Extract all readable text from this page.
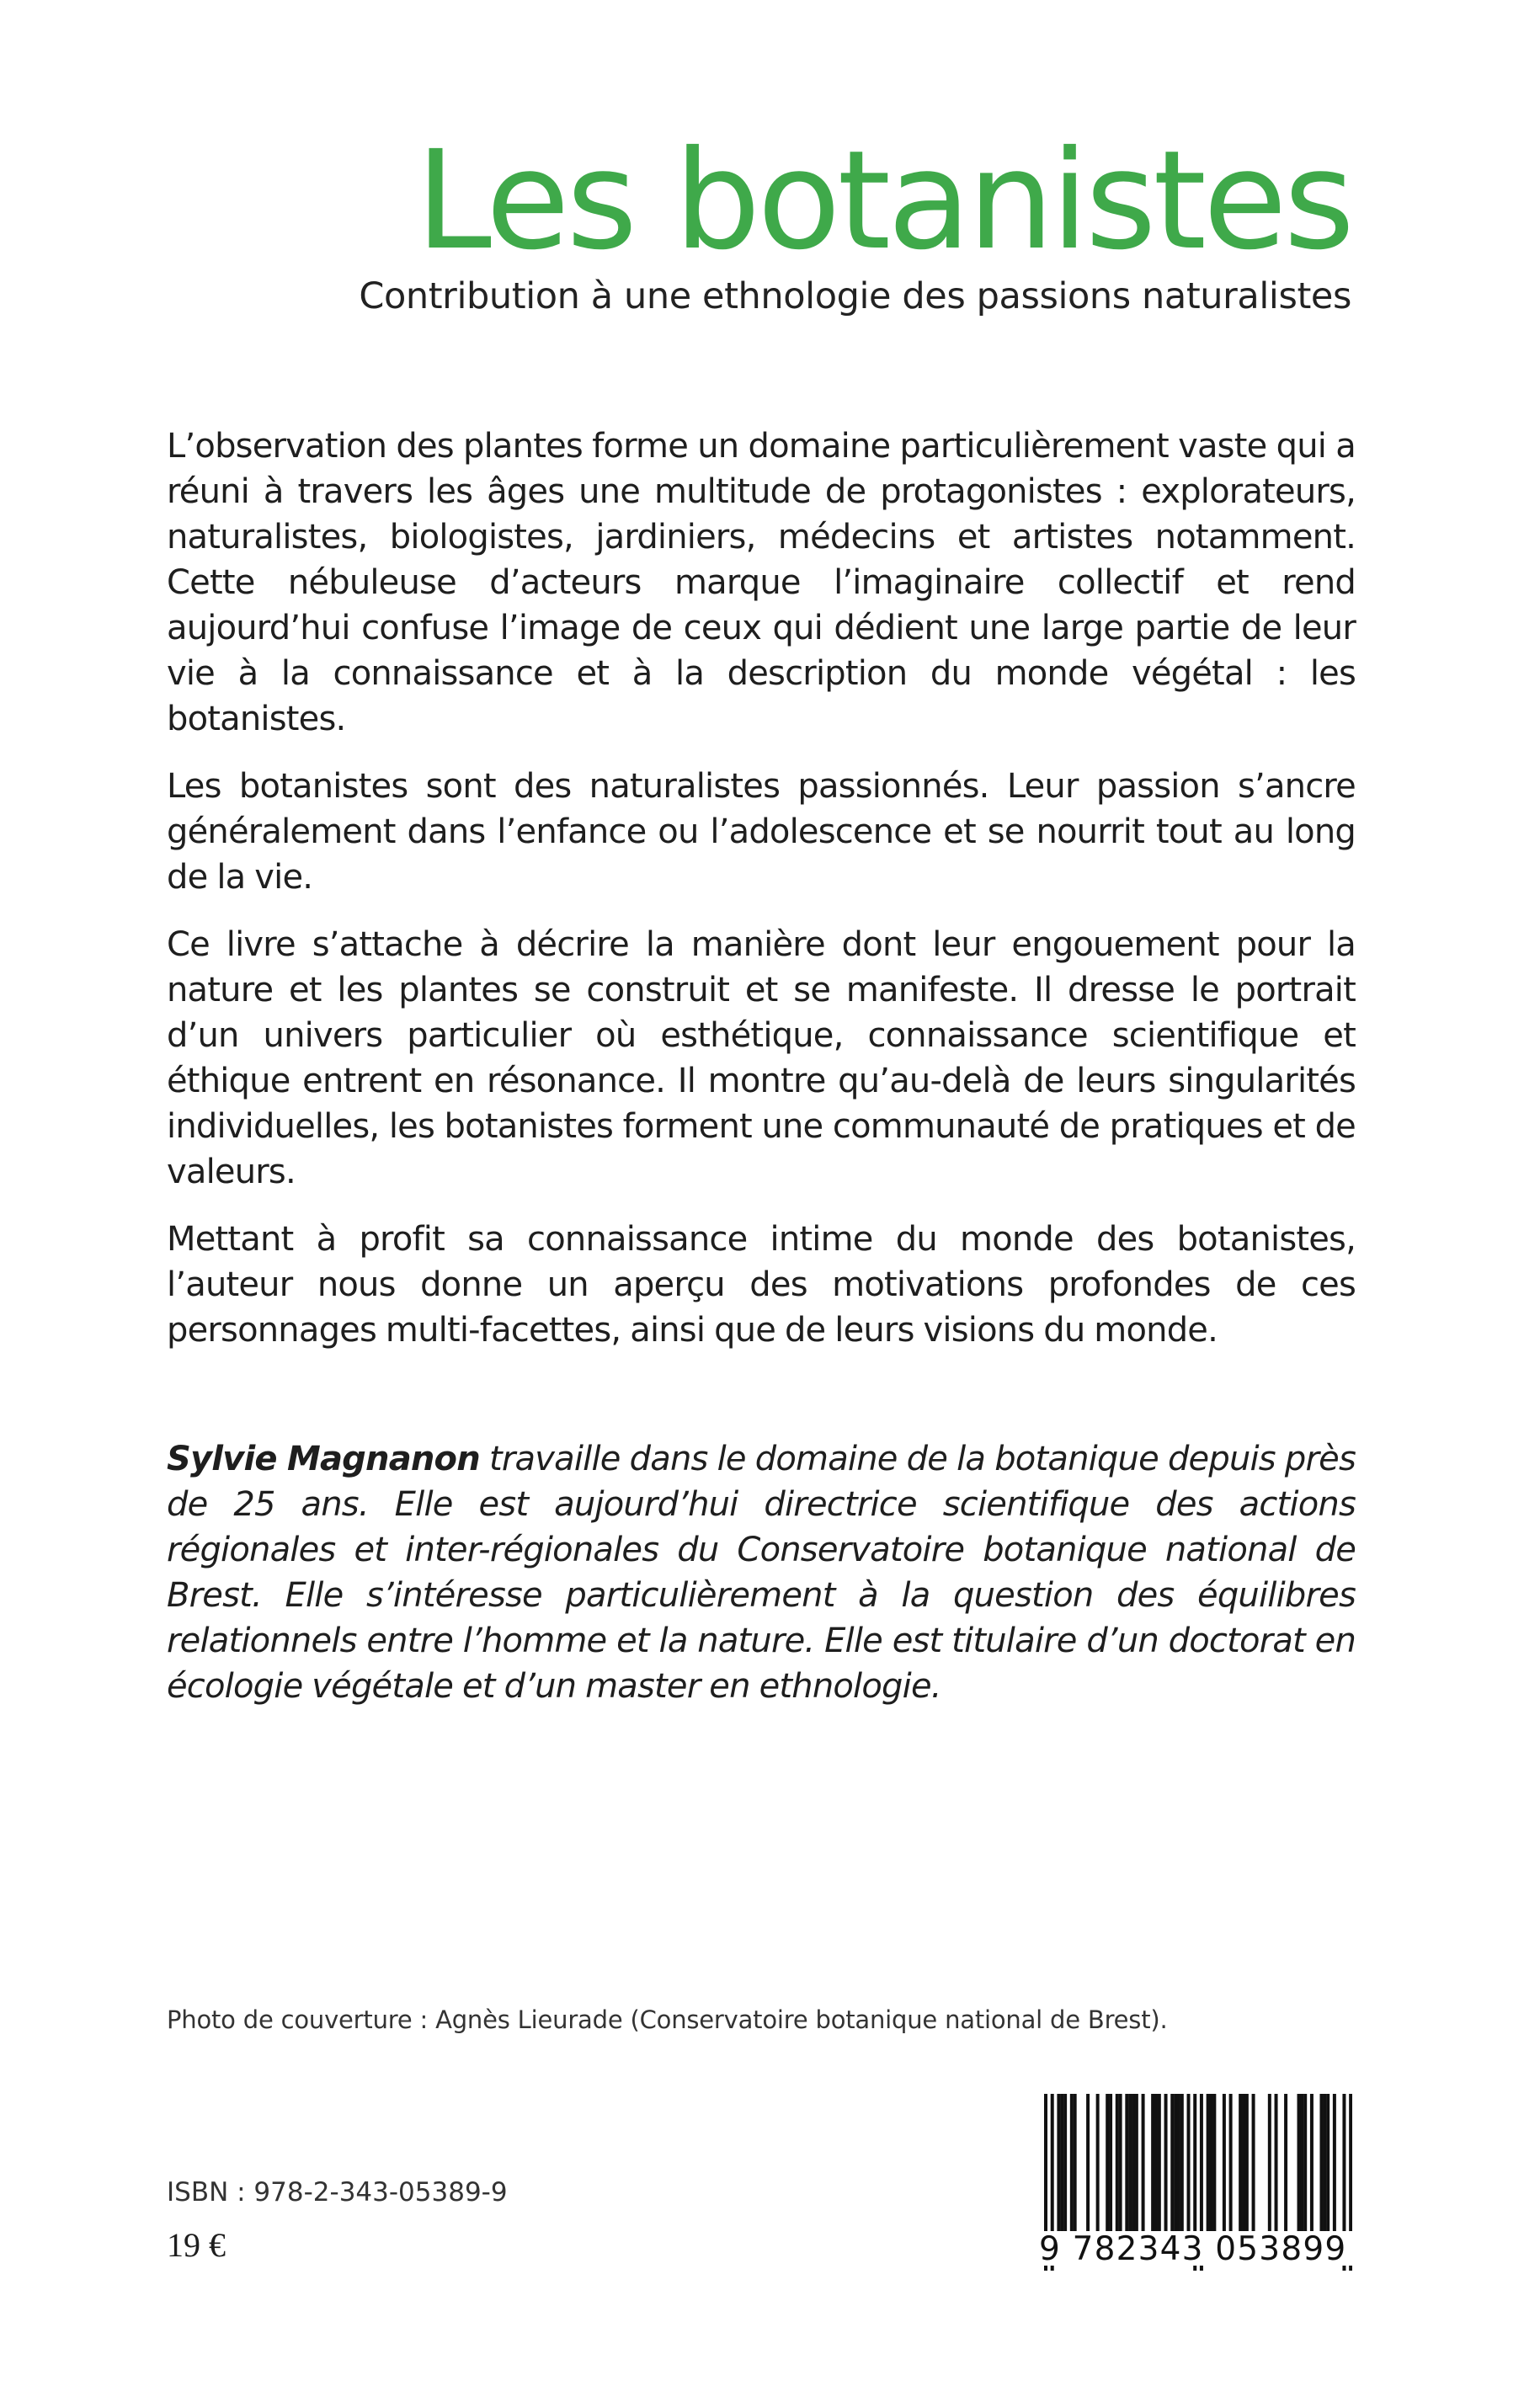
Les botanistes
Contribution à une ethnologie des passions naturalistes

L’observation des plantes forme un domaine particulièrement vaste qui a réuni à travers les âges une multitude de protagonistes : explorateurs, naturalistes, biologistes, jardiniers, médecins et artistes notamment. Cette nébuleuse d’acteurs marque l’imaginaire collectif et rend aujourd’hui confuse l’image de ceux qui dédient une large partie de leur vie à la connaissance et à la description du monde végétal : les botanistes.

Les botanistes sont des naturalistes passionnés. Leur passion s’ancre généralement dans l’enfance ou l’adolescence et se nourrit tout au long de la vie.

Ce livre s’attache à décrire la manière dont leur engouement pour la nature et les plantes se construit et se manifeste. Il dresse le portrait d’un univers particulier où esthétique, connaissance scientifique et éthique entrent en résonance. Il montre qu’au-delà de leurs singularités individuelles, les botanistes forment une communauté de pratiques et de valeurs.

Mettant à profit sa connaissance intime du monde des botanistes, l’auteur nous donne un aperçu des motivations profondes de ces personnages multi-facettes, ainsi que de leurs visions du monde.

Sylvie Magnanon travaille dans le domaine de la botanique depuis près de 25 ans. Elle est aujourd’hui directrice scientifique des actions régionales et inter-régionales du Conservatoire botanique national de Brest. Elle s’intéresse particulièrement à la question des équilibres relationnels entre l’homme et la nature. Elle est titulaire d’un doctorat en écologie végétale et d’un master en ethnologie.

Photo de couverture : Agnès Lieurade (Conservatoire botanique national de Brest).
ISBN : 978-2-343-05389-9
19 €	9 782343 053899
